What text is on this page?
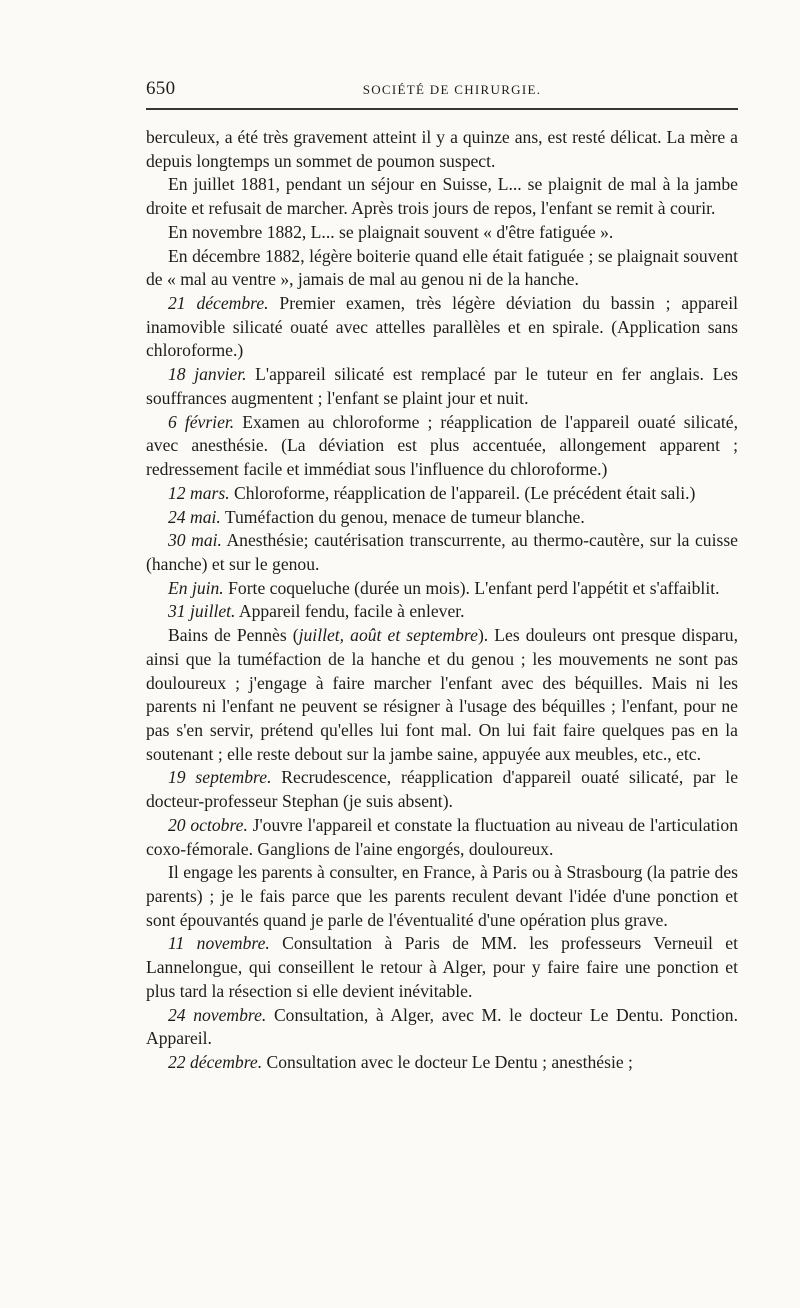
650	SOCIÉTÉ DE CHIRURGIE.

berculeux, a été très gravement atteint il y a quinze ans, est resté délicat. La mère a depuis longtemps un sommet de poumon suspect.

En juillet 1881, pendant un séjour en Suisse, L... se plaignit de mal à la jambe droite et refusait de marcher. Après trois jours de repos, l'enfant se remit à courir.

En novembre 1882, L... se plaignait souvent « d'être fatiguée ».

En décembre 1882, légère boiterie quand elle était fatiguée ; se plaignait souvent de « mal au ventre », jamais de mal au genou ni de la hanche.

21 décembre. Premier examen, très légère déviation du bassin ; appareil inamovible silicaté ouaté avec attelles parallèles et en spirale. (Application sans chloroforme.)

18 janvier. L'appareil silicaté est remplacé par le tuteur en fer anglais. Les souffrances augmentent ; l'enfant se plaint jour et nuit.

6 février. Examen au chloroforme ; réapplication de l'appareil ouaté silicaté, avec anesthésie. (La déviation est plus accentuée, allongement apparent ; redressement facile et immédiat sous l'influence du chloroforme.)

12 mars. Chloroforme, réapplication de l'appareil. (Le précédent était sali.)

24 mai. Tuméfaction du genou, menace de tumeur blanche.

30 mai. Anesthésie; cautérisation transcurrente, au thermo-cautère, sur la cuisse (hanche) et sur le genou.

En juin. Forte coqueluche (durée un mois). L'enfant perd l'appétit et s'affaiblit.

31 juillet. Appareil fendu, facile à enlever.

Bains de Pennès (juillet, août et septembre). Les douleurs ont presque disparu, ainsi que la tuméfaction de la hanche et du genou ; les mouvements ne sont pas douloureux ; j'engage à faire marcher l'enfant avec des béquilles. Mais ni les parents ni l'enfant ne peuvent se résigner à l'usage des béquilles ; l'enfant, pour ne pas s'en servir, prétend qu'elles lui font mal. On lui fait faire quelques pas en la soutenant ; elle reste debout sur la jambe saine, appuyée aux meubles, etc., etc.

19 septembre. Recrudescence, réapplication d'appareil ouaté silicaté, par le docteur-professeur Stephan (je suis absent).

20 octobre. J'ouvre l'appareil et constate la fluctuation au niveau de l'articulation coxo-fémorale. Ganglions de l'aine engorgés, douloureux.

Il engage les parents à consulter, en France, à Paris ou à Strasbourg (la patrie des parents) ; je le fais parce que les parents reculent devant l'idée d'une ponction et sont épouvantés quand je parle de l'éventualité d'une opération plus grave.

11 novembre. Consultation à Paris de MM. les professeurs Verneuil et Lannelongue, qui conseillent le retour à Alger, pour y faire faire une ponction et plus tard la résection si elle devient inévitable.

24 novembre. Consultation, à Alger, avec M. le docteur Le Dentu. Ponction. Appareil.

22 décembre. Consultation avec le docteur Le Dentu ; anesthésie ;
